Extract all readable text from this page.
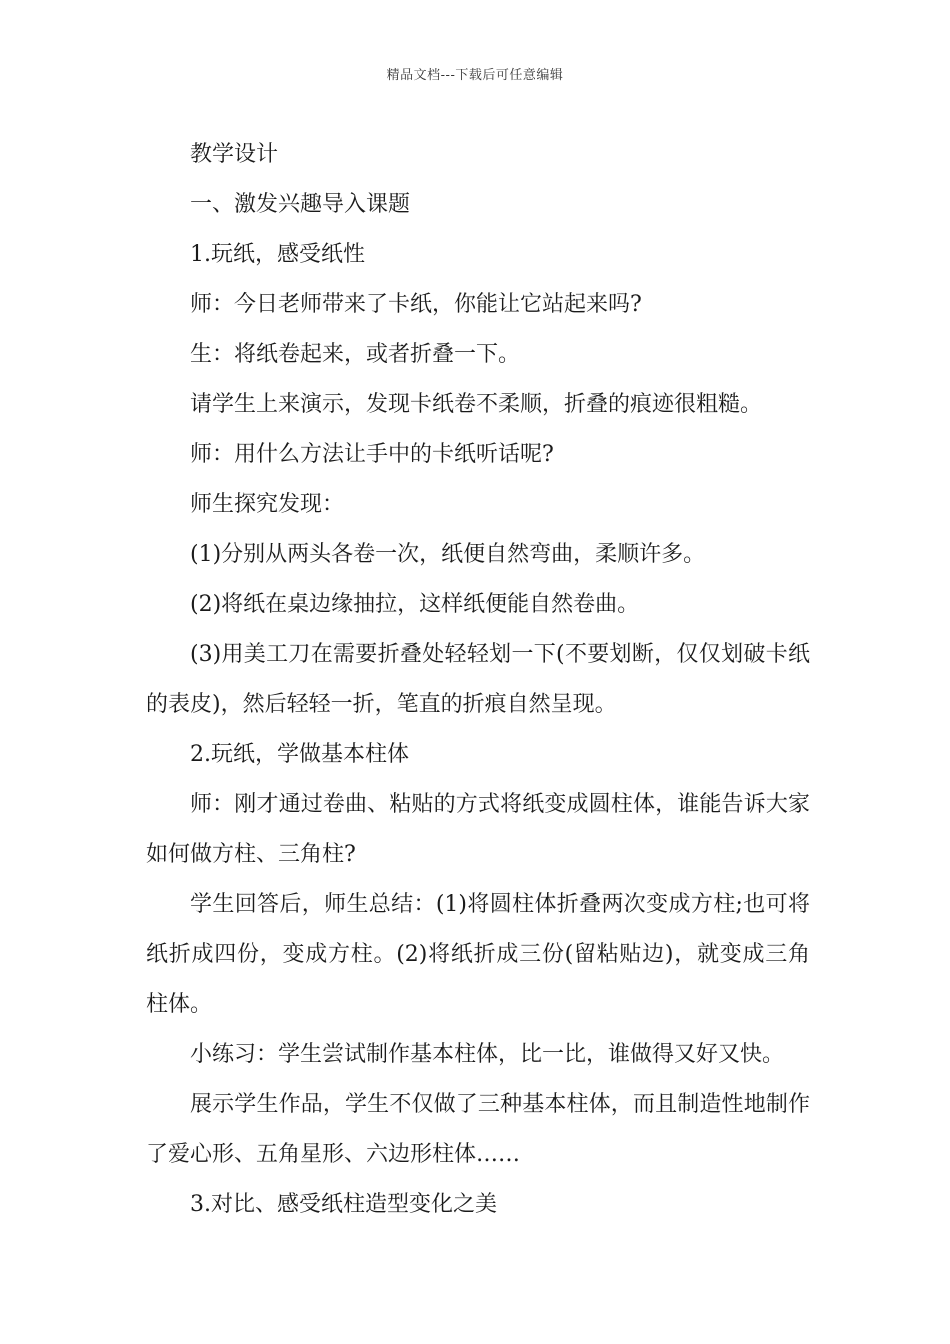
精品文档---下载后可任意编辑

教学设计

一、激发兴趣导入课题

1.玩纸，感受纸性

师：今日老师带来了卡纸，你能让它站起来吗?

生：将纸卷起来，或者折叠一下。

请学生上来演示，发现卡纸卷不柔顺，折叠的痕迹很粗糙。

师：用什么方法让手中的卡纸听话呢?

师生探究发现：

(1)分别从两头各卷一次，纸便自然弯曲，柔顺许多。

(2)将纸在桌边缘抽拉，这样纸便能自然卷曲。

(3)用美工刀在需要折叠处轻轻划一下(不要划断，仅仅划破卡纸的表皮)，然后轻轻一折，笔直的折痕自然呈现。

2.玩纸，学做基本柱体

师：刚才通过卷曲、粘贴的方式将纸变成圆柱体，谁能告诉大家如何做方柱、三角柱?

学生回答后，师生总结：(1)将圆柱体折叠两次变成方柱;也可将纸折成四份，变成方柱。(2)将纸折成三份(留粘贴边)，就变成三角柱体。

小练习：学生尝试制作基本柱体，比一比，谁做得又好又快。

展示学生作品，学生不仅做了三种基本柱体，而且制造性地制作了爱心形、五角星形、六边形柱体……

3.对比、感受纸柱造型变化之美
